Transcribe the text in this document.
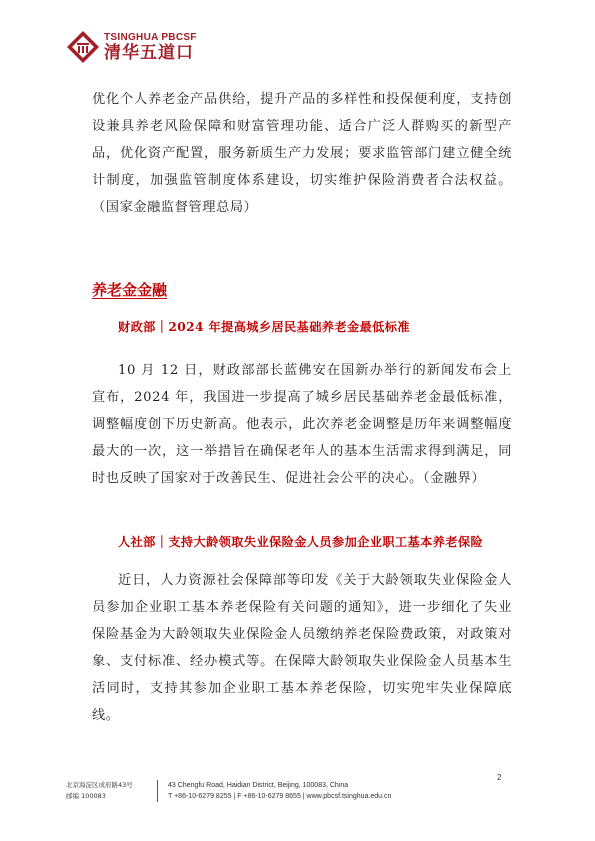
TSINGHUA PBCSF
清华五道口
优化个人养老金产品供给，提升产品的多样性和投保便利度，支持创设兼具养老风险保障和财富管理功能、适合广泛人群购买的新型产品，优化资产配置，服务新质生产力发展；要求监管部门建立健全统计制度，加强监管制度体系建设，切实维护保险消费者合法权益。（国家金融监督管理总局）
养老金金融
财政部｜2024 年提高城乡居民基础养老金最低标准
10 月 12 日，财政部部长蓝佛安在国新办举行的新闻发布会上宣布，2024 年，我国进一步提高了城乡居民基础养老金最低标准，调整幅度创下历史新高。他表示，此次养老金调整是历年来调整幅度最大的一次，这一举措旨在确保老年人的基本生活需求得到满足，同时也反映了国家对于改善民生、促进社会公平的决心。（金融界）
人社部｜支持大龄领取失业保险金人员参加企业职工基本养老保险
近日，人力资源社会保障部等印发《关于大龄领取失业保险金人员参加企业职工基本养老保险有关问题的通知》，进一步细化了失业保险基金为大龄领取失业保险金人员缴纳养老保险费政策，对政策对象、支付标准、经办模式等。在保障大龄领取失业保险金人员基本生活同时，支持其参加企业职工基本养老保险，切实兜牢失业保障底线。
2
北京海淀区成府路43号
邮编 100083
43 Chengfu Road, Haidian District, Beijing, 100083, China
T +86-10-6279 8255 | F +86-10-6279 8655 | www.pbcsf.tsinghua.edu.cn
